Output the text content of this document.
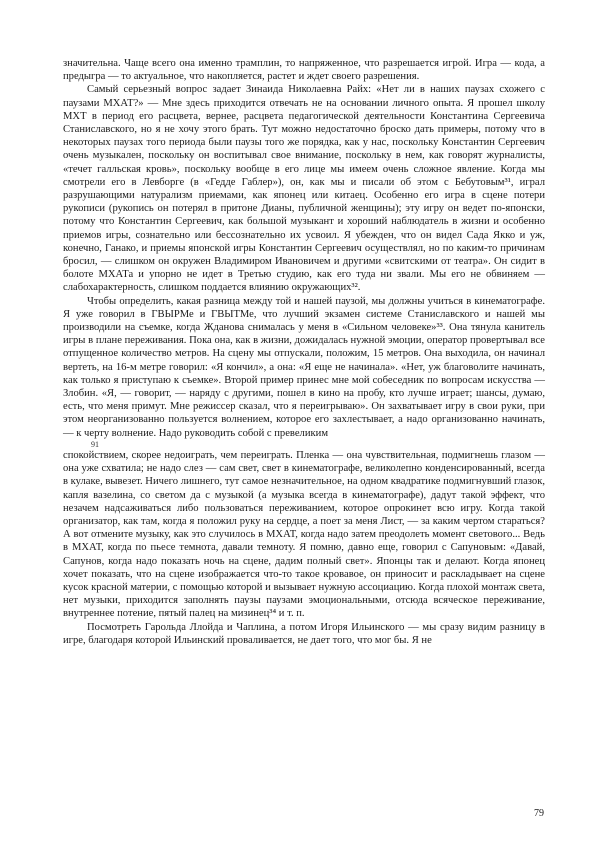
значительна. Чаще всего она именно трамплин, то напряженное, что разрешается игрой. Игра — кода, а предыгра — то актуальное, что накопляется, растет и ждет своего разрешения.

Самый серьезный вопрос задает Зинаида Николаевна Райх: «Нет ли в наших паузах схожего с паузами МХАТ?» — Мне здесь приходится отвечать не на основании личного опыта. Я прошел школу МХТ в период его расцвета, вернее, расцвета педагогической деятельности Константина Сергеевича Станиславского, но я не хочу этого брать. Тут можно недостаточно броско дать примеры, потому что в некоторых паузах того периода были паузы того же порядка, как у нас, поскольку Константин Сергеевич очень музыкален, поскольку он воспитывал свое внимание, поскольку в нем, как говорят журналисты, «течет галльская кровь», поскольку вообще в его лице мы имеем очень сложное явление. Когда мы смотрели его в Левборге (в «Гедде Габлер»), он, как мы и писали об этом с Бебутовым³¹, играл разрушающими натурализм приемами, как японец или китаец. Особенно его игра в сцене потери рукописи (рукопись он потерял в притоне Дианы, публичной женщины); эту игру он ведет по-японски, потому что Константин Сергеевич, как большой музыкант и хороший наблюдатель в жизни и особенно приемов игры, сознательно или бессознательно их усвоил. Я убежден, что он видел Сада Якко и уж, конечно, Ганако, и приемы японской игры Константин Сергеевич осуществлял, но по каким-то причинам бросил, — слишком он окружен Владимиром Ивановичем и другими «свитскими от театра». Он сидит в болоте МХАТа и упорно не идет в Третью студию, как его туда ни звали. Мы его не обвиняем — слабохарактерность, слишком поддается влиянию окружающих³².

Чтобы определить, какая разница между той и нашей паузой, мы должны учиться в кинематографе. Я уже говорил в ГВЫРМе и ГВЫТМе, что лучший экзамен системе Станиславского и нашей мы производили на съемке, когда Жданова снималась у меня в «Сильном человеке»³³. Она тянула канитель игры в плане переживания. Пока она, как в жизни, дожидалась нужной эмоции, оператор провертывал все отпущенное количество метров. На сцену мы отпускали, положим, 15 метров. Она выходила, он начинал вертеть, на 16-м метре говорил: «Я кончил», а она: «Я еще не начинала». «Нет, уж благоволите начинать, как только я приступаю к съемке». Второй пример принес мне мой собеседник по вопросам искусства — Злобин. «Я, — говорит, — наряду с другими, пошел в кино на пробу, кто лучше играет; шансы, думаю, есть, что меня примут. Мне режиссер сказал, что я переигрываю». Он захватывает игру в свои руки, при этом неорганизованно пользуется волнением, которое его захлестывает, а надо организованно начинать, — к черту волнение. Надо руководить собой с превеликим

91

спокойствием, скорее недоиграть, чем переиграть. Пленка — она чувствительная, подмигнешь глазом — она уже схватила; не надо слез — сам свет, свет в кинематографе, великолепно конденсированный, всегда в кулаке, вывезет. Ничего лишнего, тут самое незначительное, на одном квадратике подмигнувший глазок, капля вазелина, со светом да с музыкой (а музыка всегда в кинематографе), дадут такой эффект, что незачем надсаживаться либо пользоваться переживанием, которое опрокинет всю игру. Когда такой организатор, как там, когда я положил руку на сердце, а поет за меня Лист, — за каким чертом стараться? А вот отмените музыку, как это случилось в МХАТ, когда надо затем преодолеть момент светового... Ведь в МХАТ, когда по пьесе темнота, давали темноту. Я помню, давно еще, говорил с Сапуновым: «Давай, Сапунов, когда надо показать ночь на сцене, дадим полный свет». Японцы так и делают. Когда японец хочет показать, что на сцене изображается что-то такое кровавое, он приносит и раскладывает на сцене кусок красной материи, с помощью которой и вызывает нужную ассоциацию. Когда плохой монтаж света, нет музыки, приходится заполнять паузы паузами эмоциональными, отсюда всяческое переживание, внутреннее потение, пятый палец на мизинец³⁴ и т. п.

Посмотреть Гарольда Ллойда и Чаплина, а потом Игоря Ильинского — мы сразу видим разницу в игре, благодаря которой Ильинский проваливается, не дает того, что мог бы. Я не

79
